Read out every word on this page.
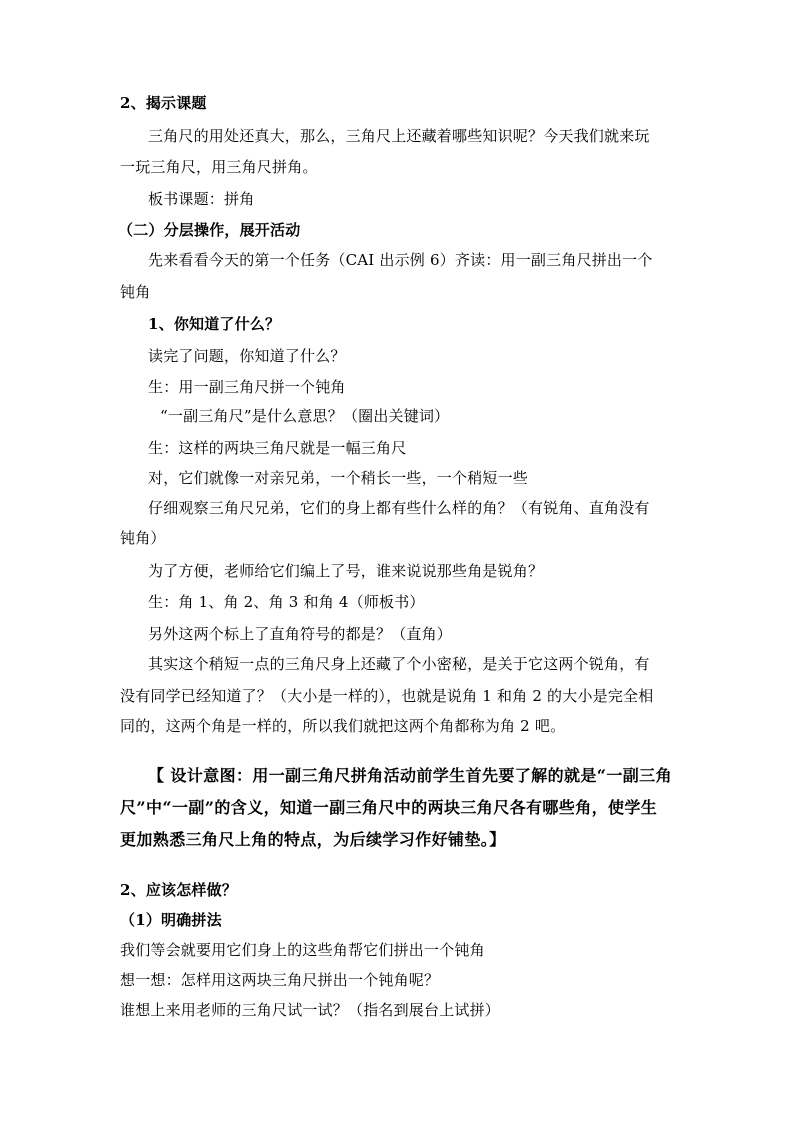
2、揭示课题
三角尺的用处还真大，那么，三角尺上还藏着哪些知识呢？今天我们就来玩
一玩三角尺，用三角尺拼角。
板书课题：拼角
（二）分层操作，展开活动
先来看看今天的第一个任务（CAI 出示例 6）齐读：用一副三角尺拼出一个
钝角
1、你知道了什么？
读完了问题，你知道了什么？
生：用一副三角尺拼一个钝角
“一副三角尺”是什么意思？（圈出关键词）
生：这样的两块三角尺就是一幅三角尺
对，它们就像一对亲兄弟，一个稍长一些，一个稍短一些
仔细观察三角尺兄弟，它们的身上都有些什么样的角？（有锐角、直角没有
钝角）
为了方便，老师给它们编上了号，谁来说说那些角是锐角？
生：角 1、角 2、角 3 和角 4（师板书）
另外这两个标上了直角符号的都是？（直角）
其实这个稍短一点的三角尺身上还藏了个小密秘，是关于它这两个锐角，有
没有同学已经知道了？（大小是一样的），也就是说角 1 和角 2 的大小是完全相
同的，这两个角是一样的，所以我们就把这两个角都称为角 2 吧。
【 设计意图：用一副三角尺拼角活动前学生首先要了解的就是“一副三角
尺”中“一副”的含义，知道一副三角尺中的两块三角尺各有哪些角，使学生
更加熟悉三角尺上角的特点，为后续学习作好铺垫。】
2、应该怎样做？
（1）明确拼法
我们等会就要用它们身上的这些角帮它们拼出一个钝角
想一想：怎样用这两块三角尺拼出一个钝角呢？
谁想上来用老师的三角尺试一试？（指名到展台上试拼）
